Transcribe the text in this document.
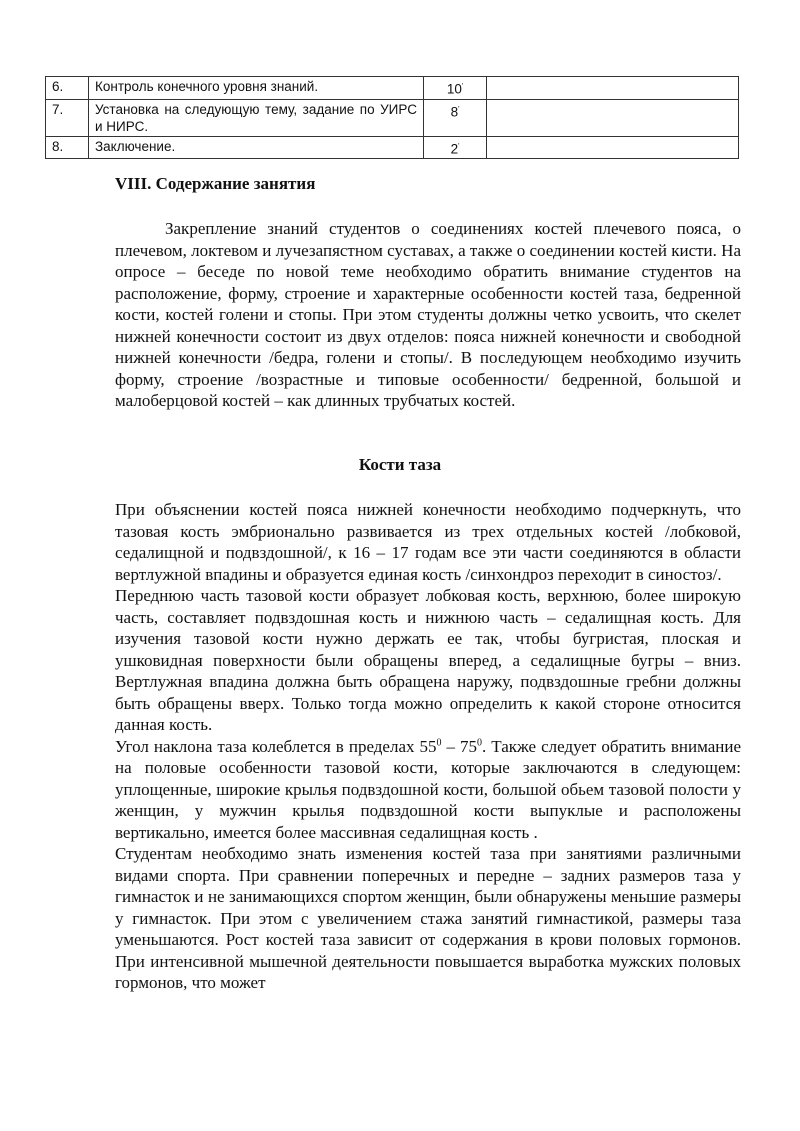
6.	Контроль конечного уровня знаний.	10'	
7.	Установка на следующую тему, задание по УИРС и НИРС.	8'	
8.	Заключение.	2'	
VIII. Содержание занятия

Закрепление знаний студентов о соединениях костей плечевого пояса, о плечевом, локтевом и лучезапястном суставах, а также о соединении костей кисти. На опросе – беседе по новой теме необходимо обратить внимание студентов на расположение, форму, строение и характерные особенности костей таза, бедренной кости, костей голени и стопы. При этом студенты должны четко усвоить, что скелет нижней конечности состоит из двух отделов: пояса нижней конечности и свободной нижней конечности /бедра, голени и стопы/. В последующем необходимо изучить форму, строение /возрастные и типовые особенности/ бедренной, большой и малоберцовой костей – как длинных трубчатых костей.

Кости таза

При объяснении костей пояса нижней конечности необходимо подчеркнуть, что тазовая кость эмбрионально развивается из трех отдельных костей /лобковой, седалищной и подвздошной/, к 16 – 17 годам все эти части соединяются в области вертлужной впадины и образуется единая кость /синхондроз переходит в синостоз/.

Переднюю часть тазовой кости образует лобковая кость, верхнюю, более широкую часть, составляет подвздошная кость и нижнюю часть – седалищная кость. Для изучения тазовой кости нужно держать ее так, чтобы бугристая, плоская и ушковидная поверхности были обращены вперед, а седалищные бугры – вниз. Вертлужная впадина должна быть обращена наружу, подвздошные гребни должны быть обращены вверх. Только тогда можно определить к какой стороне относится данная кость.

Угол наклона таза колеблется в пределах $55^0 - 75^0$. Также следует обратить внимание на половые особенности тазовой кости, которые заключаются в следующем: уплощенные, широкие крылья подвздошной кости, большой обьем тазовой полости у женщин, у мужчин крылья подвздошной кости выпуклые и расположены вертикально, имеется более массивная седалищная кость .

Студентам необходимо знать изменения костей таза при занятиями различными видами спорта. При сравнении поперечных и передне – задних размеров таза у гимнасток и не занимающихся спортом женщин, были обнаружены меньшие размеры у гимнасток. При этом с увеличением стажа занятий гимнастикой, размеры таза уменьшаются. Рост костей таза зависит от содержания в крови половых гормонов. При интенсивной мышечной деятельности повышается выработка мужских половых гормонов, что может
